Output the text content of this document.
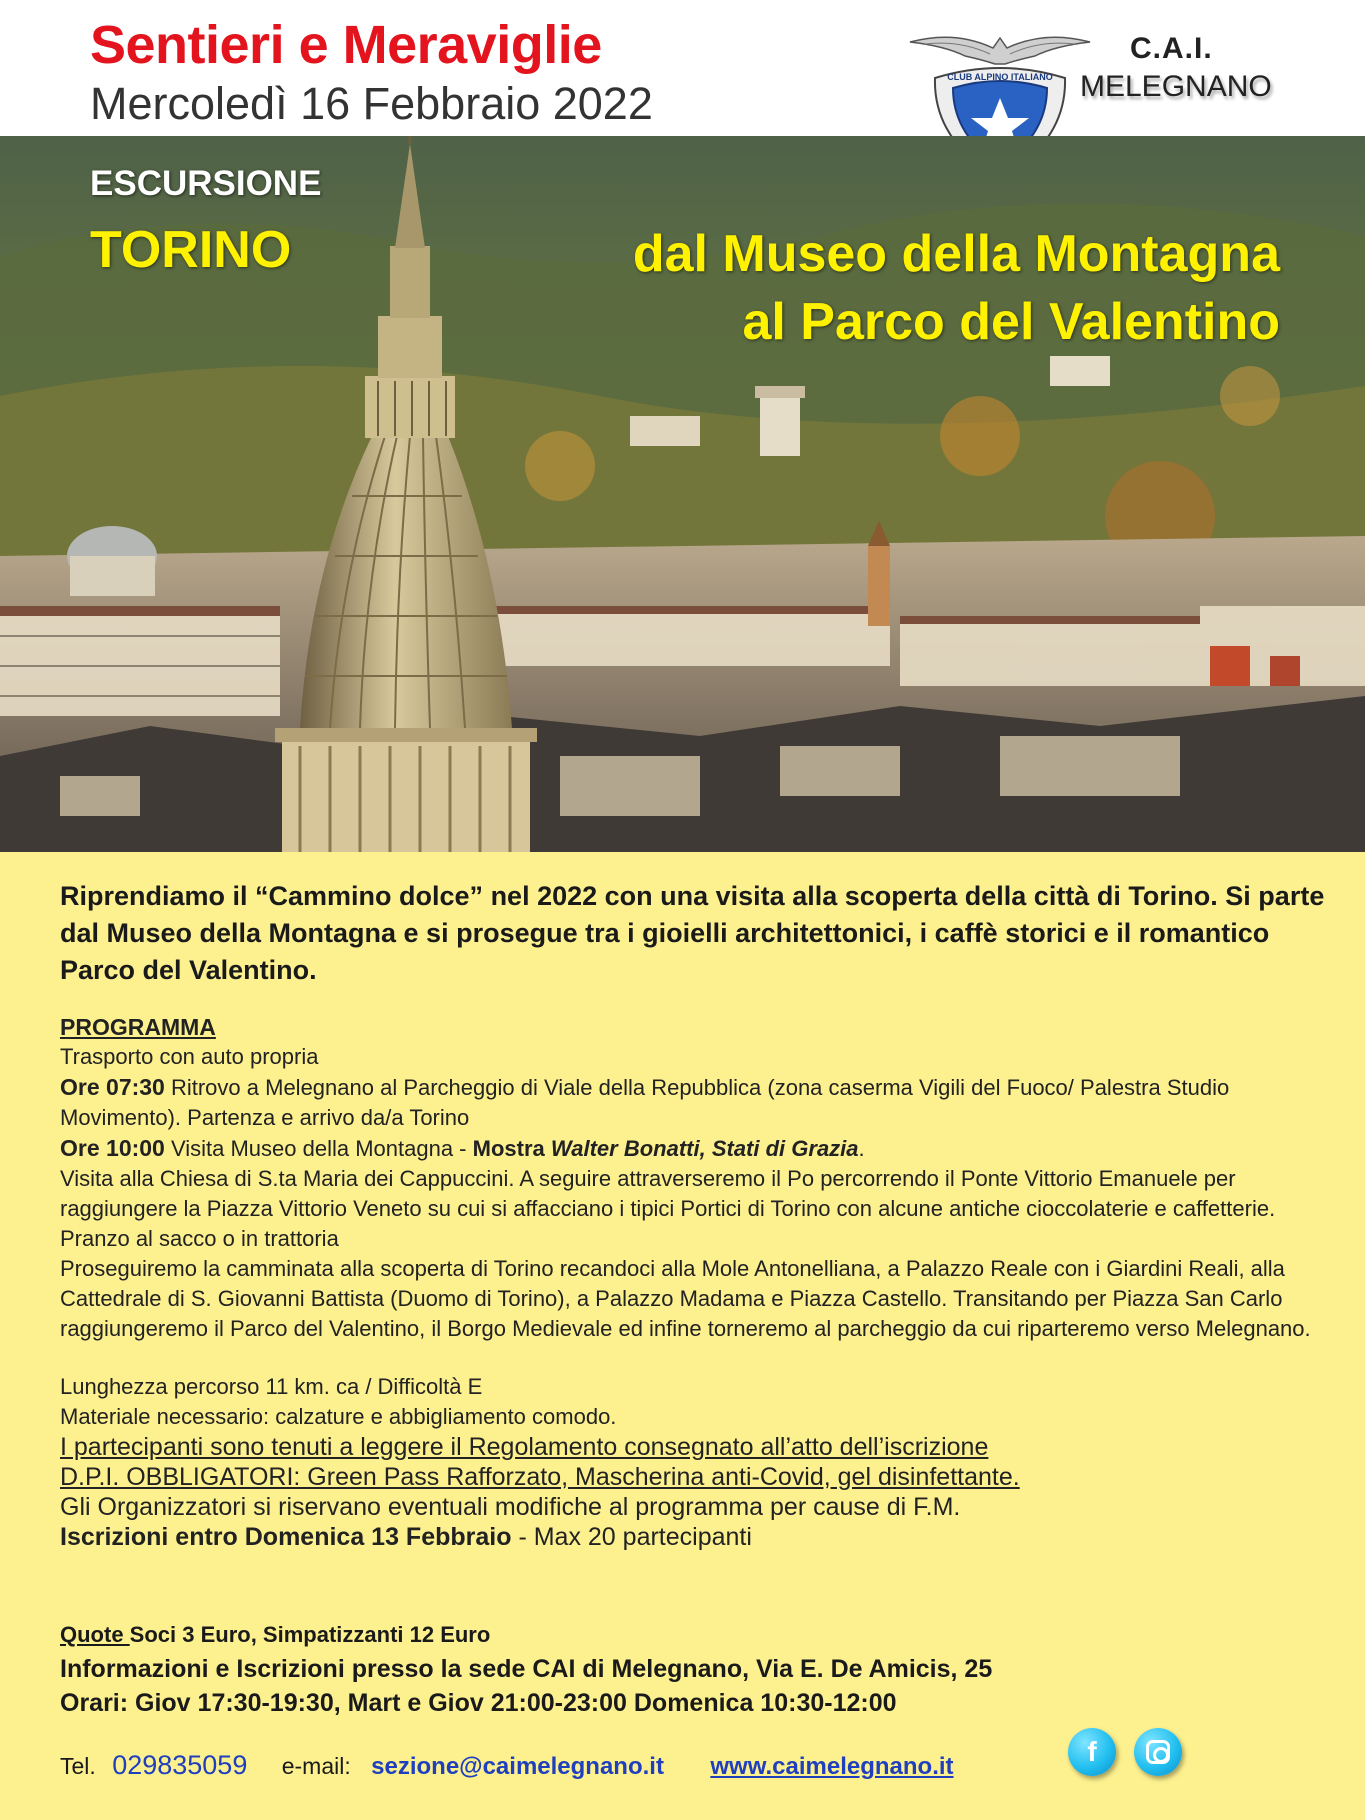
Sentieri e Meraviglie
Mercoledì 16 Febbraio 2022
CLUB ALPINO ITALIANO
C.A.I.
MELEGNANO
ESCURSIONE
TORINO	dal Museo della Montagna
al Parco del Valentino
Riprendiamo il “Cammino dolce” nel 2022 con una visita alla scoperta della città di Torino. Si parte dal Museo della Montagna e si prosegue tra i gioielli architettonici, i caffè storici e il romantico Parco del Valentino.
PROGRAMMA
Trasporto con auto propria
Ore 07:30 Ritrovo a Melegnano al Parcheggio di Viale della Repubblica (zona caserma Vigili del Fuoco/ Palestra Studio Movimento). Partenza e arrivo da/a Torino
Ore 10:00 Visita Museo della Montagna - Mostra Walter Bonatti, Stati di Grazia.
Visita alla Chiesa di S.ta Maria dei Cappuccini. A seguire attraverseremo il Po percorrendo il Ponte Vittorio Emanuele per raggiungere la Piazza Vittorio Veneto su cui si affacciano i tipici Portici di Torino con alcune antiche cioccolaterie e caffetterie. Pranzo al sacco o in trattoria
Proseguiremo la camminata alla scoperta di Torino recandoci alla Mole Antonelliana, a Palazzo Reale con i Giardini Reali, alla Cattedrale di S. Giovanni Battista (Duomo di Torino), a Palazzo Madama e Piazza Castello. Transitando per Piazza San Carlo raggiungeremo il Parco del Valentino, il Borgo Medievale ed infine torneremo al parcheggio da cui riparteremo verso Melegnano.
Lunghezza percorso 11 km. ca / Difficoltà E
Materiale necessario: calzature e abbigliamento comodo.
I partecipanti sono tenuti a leggere il Regolamento consegnato all’atto dell’iscrizione
D.P.I. OBBLIGATORI: Green Pass Rafforzato, Mascherina anti-Covid, gel disinfettante.
Gli Organizzatori si riservano eventuali modifiche al programma per cause di F.M.
Iscrizioni entro Domenica 13 Febbraio - Max 20 partecipanti
Quote Soci 3 Euro, Simpatizzanti 12 Euro
Informazioni e Iscrizioni presso la sede CAI di Melegnano, Via E. De Amicis, 25
Orari: Giov 17:30-19:30, Mart e Giov 21:00-23:00 Domenica 10:30-12:00
Tel. 029835059 e-mail: sezione@caimelegnano.it www.caimelegnano.it	f
